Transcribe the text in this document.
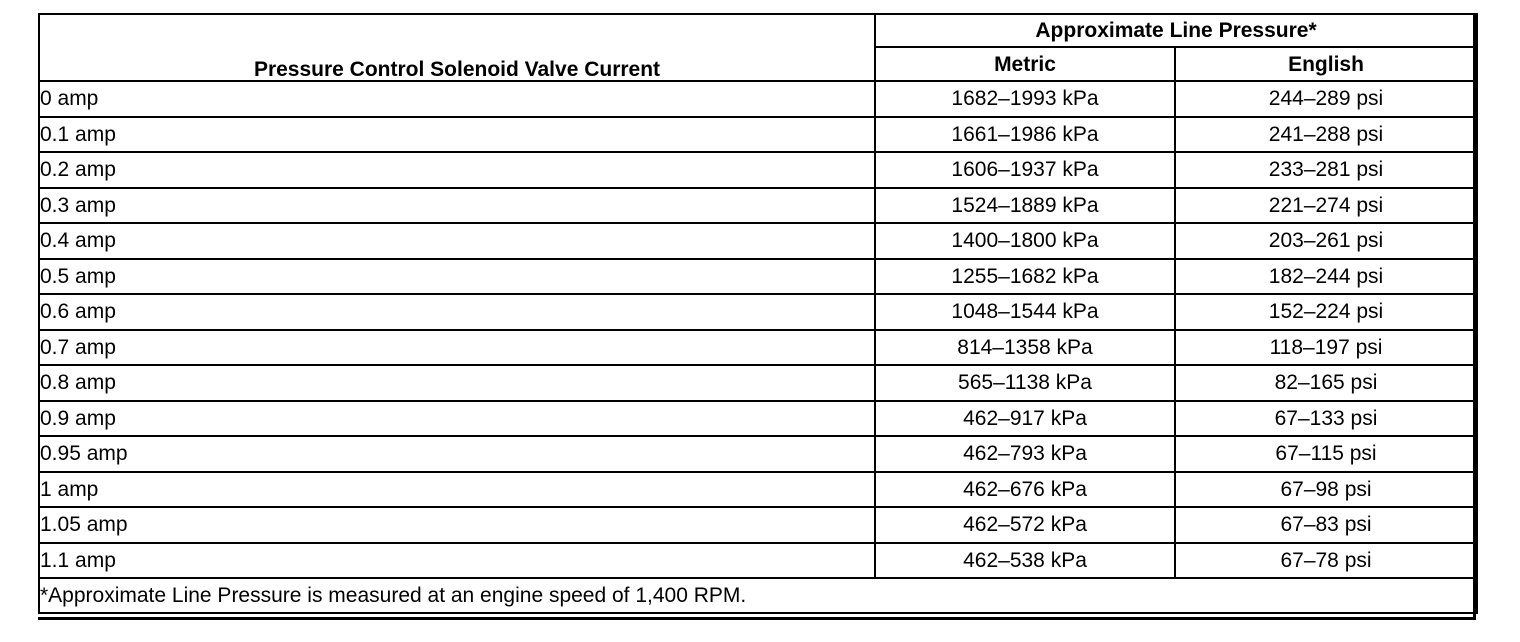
Pressure Control Solenoid Valve Current	Approximate Line Pressure*	
	Metric	English
0 amp	1682–1993 kPa	244–289 psi
0.1 amp	1661–1986 kPa	241–288 psi
0.2 amp	1606–1937 kPa	233–281 psi
0.3 amp	1524–1889 kPa	221–274 psi
0.4 amp	1400–1800 kPa	203–261 psi
0.5 amp	1255–1682 kPa	182–244 psi
0.6 amp	1048–1544 kPa	152–224 psi
0.7 amp	814–1358 kPa	118–197 psi
0.8 amp	565–1138 kPa	82–165 psi
0.9 amp	462–917 kPa	67–133 psi
0.95 amp	462–793 kPa	67–115 psi
1 amp	462–676 kPa	67–98 psi
1.05 amp	462–572 kPa	67–83 psi
1.1 amp	462–538 kPa	67–78 psi
*Approximate Line Pressure is measured at an engine speed of 1,400 RPM.		
